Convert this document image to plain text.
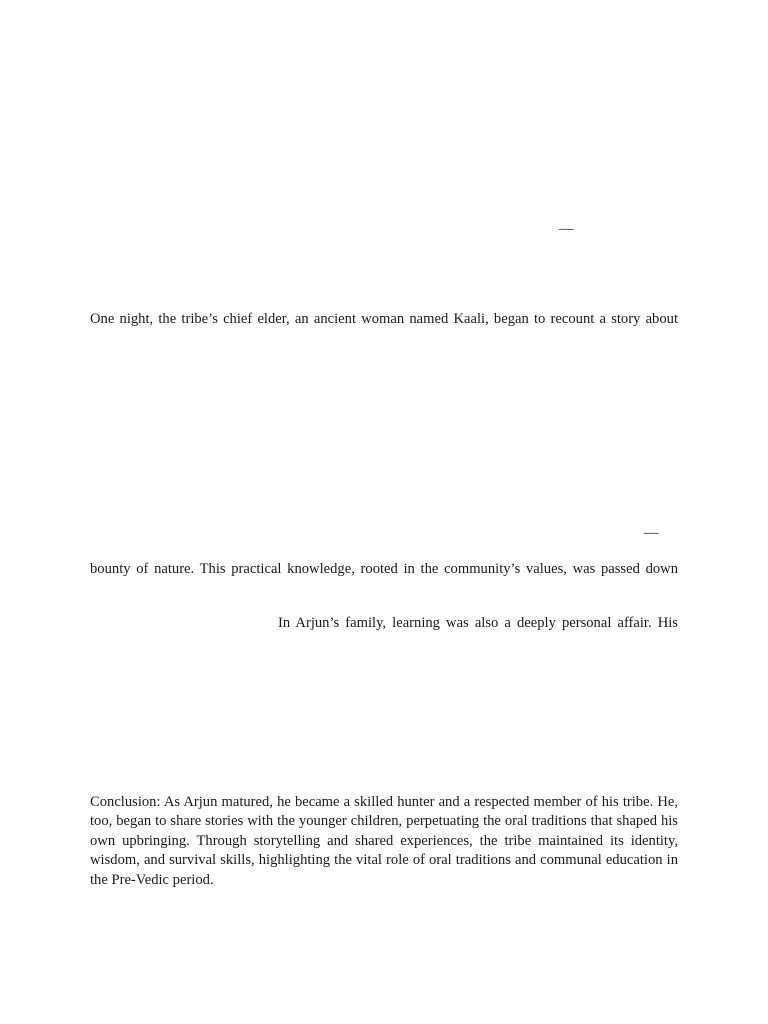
—
One night, the tribe’s chief elder, an ancient woman named Kaali, began to recount a story about
—
bounty of nature. This practical knowledge, rooted in the community’s values, was passed down
In Arjun’s family, learning was also a deeply personal affair. His
Conclusion: As Arjun matured, he became a skilled hunter and a respected member of his tribe. He, too, began to share stories with the younger children, perpetuating the oral traditions that shaped his own upbringing. Through storytelling and shared experiences, the tribe maintained its identity, wisdom, and survival skills, highlighting the vital role of oral traditions and communal education in the Pre-Vedic period.
